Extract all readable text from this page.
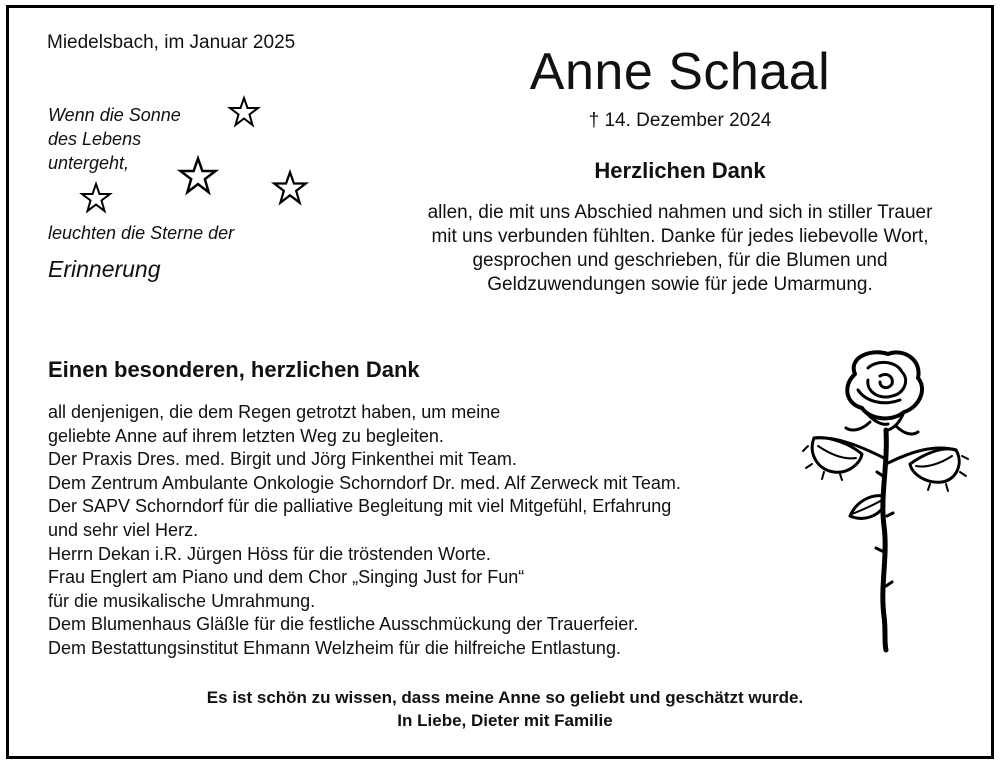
Miedelsbach, im Januar 2025
Wenn die Sonne
des Lebens
untergeht,
leuchten die Sterne der
Erinnerung
Anne Schaal
† 14. Dezember 2024
Herzlichen Dank
allen, die mit uns Abschied nahmen und sich in stiller Trauer
mit uns verbunden fühlten. Danke für jedes liebevolle Wort,
gesprochen und geschrieben, für die Blumen und
Geldzuwendungen sowie für jede Umarmung.
Einen besonderen, herzlichen Dank
all denjenigen, die dem Regen getrotzt haben, um meine
geliebte Anne auf ihrem letzten Weg zu begleiten.
Der Praxis Dres. med. Birgit und Jörg Finkenthei mit Team.
Dem Zentrum Ambulante Onkologie Schorndorf Dr. med. Alf Zerweck mit Team.
Der SAPV Schorndorf für die palliative Begleitung mit viel Mitgefühl, Erfahrung
und sehr viel Herz.
Herrn Dekan i.R. Jürgen Höss für die tröstenden Worte.
Frau Englert am Piano und dem Chor „Singing Just for Fun“
für die musikalische Umrahmung.
Dem Blumenhaus Gläßle für die festliche Ausschmückung der Trauerfeier.
Dem Bestattungsinstitut Ehmann Welzheim für die hilfreiche Entlastung.
Es ist schön zu wissen, dass meine Anne so geliebt und geschätzt wurde.
In Liebe, Dieter mit Familie
